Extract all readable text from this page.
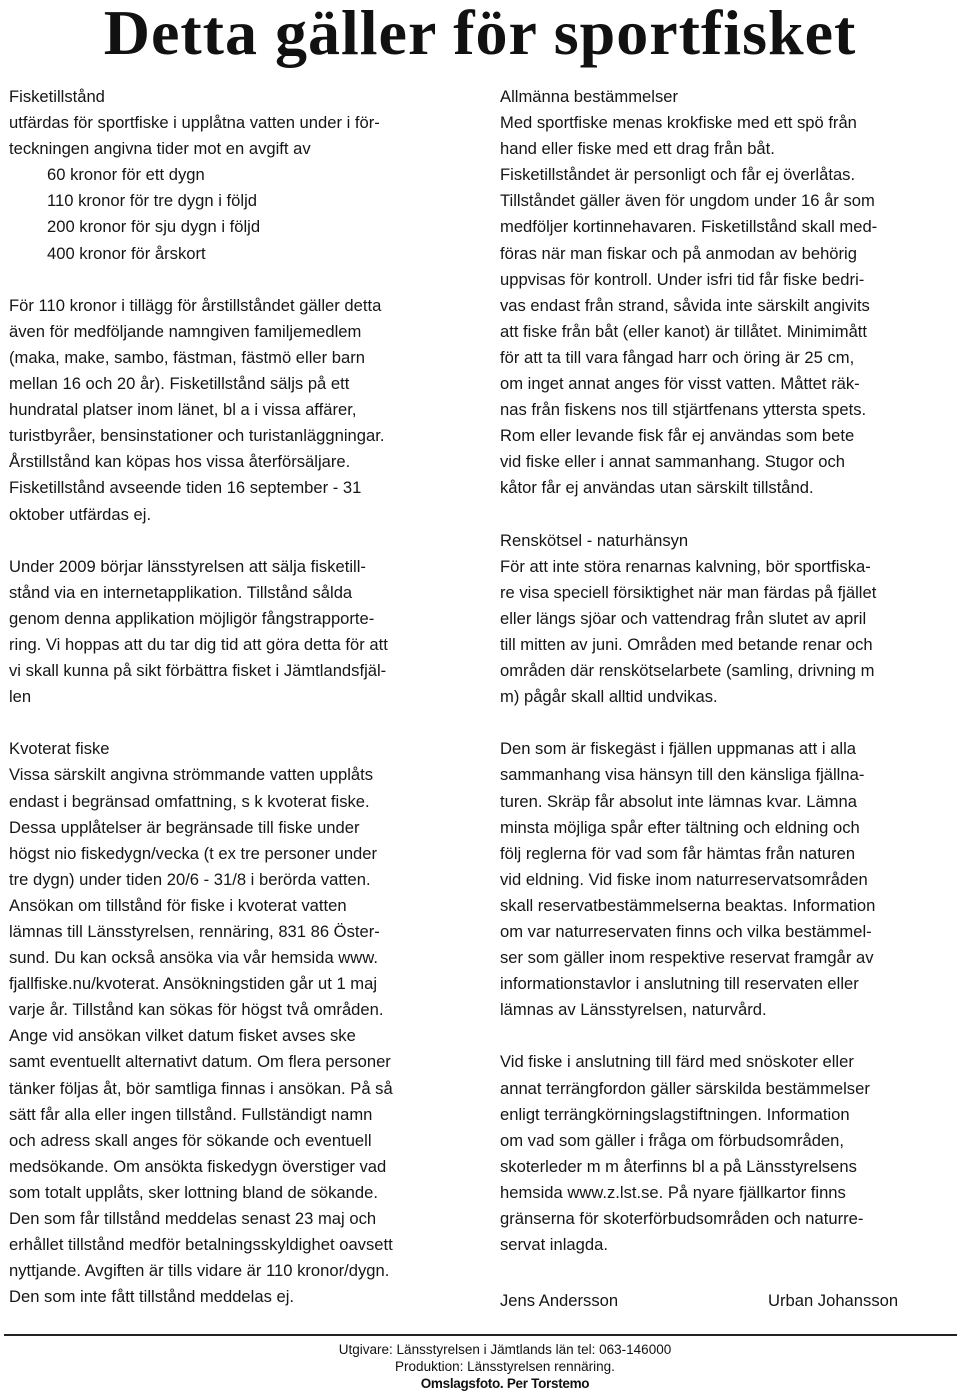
Detta gäller för sportfisket
Fisketillstånd
utfärdas för sportfiske i upplåtna vatten under i för-
teckningen angivna tider mot en avgift av
60 kronor för ett dygn
110 kronor för tre dygn i följd
200 kronor för sju dygn i följd
400 kronor för årskort
För 110 kronor i tillägg för årstillståndet gäller detta
även för medföljande namngiven familjemedlem
(maka, make, sambo, fästman, fästmö eller barn
mellan 16 och 20 år). Fisketillstånd säljs på ett
hundratal platser inom länet, bl a i vissa affärer,
turistbyråer, bensinstationer och turistanläggningar.
Årstillstånd kan köpas hos vissa återförsäljare.
Fisketillstånd avseende tiden 16 september - 31
oktober utfärdas ej.
Under 2009 börjar länsstyrelsen att sälja fisketill-
stånd via en internetapplikation. Tillstånd sålda
genom denna applikation möjligör fångstrapporte-
ring. Vi hoppas att du tar dig tid att göra detta för att
vi skall kunna på sikt förbättra fisket i Jämtlandsfjäl-
len
Kvoterat fiske
Vissa särskilt angivna strömmande vatten upplåts
endast i begränsad omfattning, s k kvoterat fiske.
Dessa upplåtelser är begränsade till fiske under
högst nio fiskedygn/vecka (t ex tre personer under
tre dygn) under tiden 20/6 - 31/8 i berörda vatten.
Ansökan om tillstånd för fiske i kvoterat vatten
lämnas till Länsstyrelsen, rennäring, 831 86 Öster-
sund. Du kan också ansöka via vår hemsida www.
fjallfiske.nu/kvoterat. Ansökningstiden går ut 1 maj
varje år. Tillstånd kan sökas för högst två områden.
Ange vid ansökan vilket datum fisket avses ske
samt eventuellt alternativt datum. Om flera personer
tänker följas åt, bör samtliga finnas i ansökan. På så
sätt får alla eller ingen tillstånd. Fullständigt namn
och adress skall anges för sökande och eventuell
medsökande. Om ansökta fiskedygn överstiger vad
som totalt upplåts, sker lottning bland de sökande.
Den som får tillstånd meddelas senast 23 maj och
erhållet tillstånd medför betalningsskyldighet oavsett
nyttjande. Avgiften är tills vidare är 110 kronor/dygn.
Den som inte fått tillstånd meddelas ej.
Allmänna bestämmelser
Med sportfiske menas krokfiske med ett spö från
hand eller fiske med ett drag från båt.
Fisketillståndet är personligt och får ej överlåtas.
Tillståndet gäller även för ungdom under 16 år som
medföljer kortinnehavaren. Fisketillstånd skall med-
föras när man fiskar och på anmodan av behörig
uppvisas för kontroll. Under isfri tid får fiske bedri-
vas endast från strand, såvida inte särskilt angivits
att fiske från båt (eller kanot) är tillåtet. Minimimått
för att ta till vara fångad harr och öring är 25 cm,
om inget annat anges för visst vatten. Måttet räk-
nas från fiskens nos till stjärtfenans yttersta spets.
Rom eller levande fisk får ej användas som bete
vid fiske eller i annat sammanhang. Stugor och
kåtor får ej användas utan särskilt tillstånd.
Renskötsel - naturhänsyn
För att inte störa renarnas kalvning, bör sportfiska-
re visa speciell försiktighet när man färdas på fjället
eller längs sjöar och vattendrag från slutet av april
till mitten av juni. Områden med betande renar och
områden där renskötselarbete (samling, drivning m
m) pågår skall alltid undvikas.
Den som är fiskegäst i fjällen uppmanas att i alla
sammanhang visa hänsyn till den känsliga fjällna-
turen. Skräp får absolut inte lämnas kvar. Lämna
minsta möjliga spår efter tältning och eldning och
följ reglerna för vad som får hämtas från naturen
vid eldning. Vid fiske inom naturreservatsområden
skall reservatbestämmelserna beaktas. Information
om var naturreservaten finns och vilka bestämmel-
ser som gäller inom respektive reservat framgår av
informationstavlor i anslutning till reservaten eller
lämnas av Länsstyrelsen, naturvård.
Vid fiske i anslutning till färd med snöskoter eller
annat terrängfordon gäller särskilda bestämmelser
enligt terrängkörningslagstiftningen. Information
om vad som gäller i fråga om förbudsområden,
skoterleder m m återfinns bl a på Länsstyrelsens
hemsida www.z.lst.se. På nyare fjällkartor finns
gränserna för skoterförbudsområden och naturre-
servat inlagda.
Jens Andersson	Urban Johansson
Utgivare: Länsstyrelsen i Jämtlands län tel: 063-146000
Produktion: Länsstyrelsen rennäring.
Omslagsfoto. Per Torstemo
